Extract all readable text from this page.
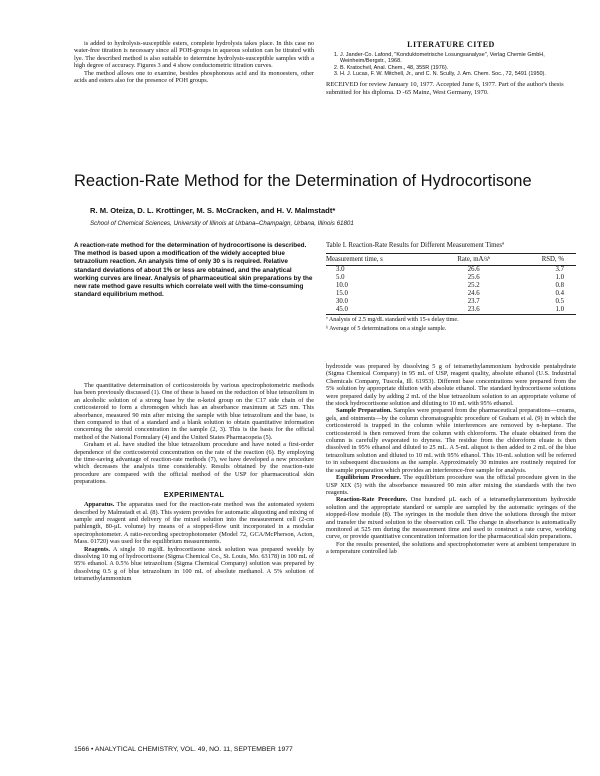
is added to hydrolysis-susceptible esters, complete hydrolysis takes place. In this case no water-free titration is necessary since all POH-groups in aqueous solution can be titrated with lye. The described method is also suitable to determine hydrolysis-susceptible samples with a high degree of accuracy. Figures 3 and 4 show conductometric titration curves.

The method allows one to examine, besides phosphonous acid and its monoesters, other acids and esters also for the presence of POH groups.

LITERATURE CITED
1. J. Jander-Co. Lafond, "Konduktometrische Losungsanalyse", Verlag Chemie GmbH, Weinheim/Bergstr., 1968.
2. B. Kratochvil, Anal. Chem., 48, 355R (1976).
3. H. J. Lucas, F. W. Mitchell, Jr., and C. N. Scully, J. Am. Chem. Soc., 72, 5491 (1950).

RECEIVED for review January 10, 1977. Accepted June 6, 1977. Part of the author's thesis submitted for his diploma. D -65 Mainz, West Germany, 1970.

Reaction-Rate Method for the Determination of Hydrocortisone
R. M. Oteiza, D. L. Krottinger, M. S. McCracken, and H. V. Malmstadt*
School of Chemical Sciences, University of Illinois at Urbana–Champaign, Urbana, Illinois 61801

A reaction-rate method for the determination of hydrocortisone is described. The method is based upon a modification of the widely accepted blue tetrazolium reaction. An analysis time of only 30 s is required. Relative standard deviations of about 1% or less are obtained, and the analytical working curves are linear. Analysis of pharmaceutical skin preparations by the new rate method gave results which correlate well with the time-consuming standard equilibrium method.

Table I. Reaction-Rate Results for Different Measurement Timesª
Measurement time, s	Rate, mA/sᵇ	RSD, %
3.0	26.6	3.7
5.0	25.6	1.0
10.0	25.2	0.8
15.0	24.6	0.4
30.0	23.7	0.5
45.0	23.6	1.0
ª Analysis of 2.5 mg/dL standard with 15-s delay time.
ᵇ Average of 5 determinations on a single sample.

The quantitative determination of corticosteroids by various spectrophotometric methods has been previously discussed (1). One of these is based on the reduction of blue tetrazolium in an alcoholic solution of a strong base by the α-ketol group on the C17 side chain of the corticosteroid to form a chromogen which has an absorbance maximum at 525 nm. This absorbance, measured 90 min after mixing the sample with blue tetrazolium and the base, is then compared to that of a standard and a blank solution to obtain quantitative information concerning the steroid concentration in the sample (2, 3). This is the basis for the official method of the National Formulary (4) and the United States Pharmacopeia (5).

Graham et al. have studied the blue tetrazolium procedure and have noted a first-order dependence of the corticosteroid concentration on the rate of the reaction (6). By employing the time-saving advantage of reaction-rate methods (7), we have developed a new procedure which decreases the analysis time considerably. Results obtained by the reaction-rate procedure are compared with the official method of the USP for pharmaceutical skin preparations.

EXPERIMENTAL

Apparatus. The apparatus used for the reaction-rate method was the automated system described by Malmstadt et al. (8). This system provides for automatic aliquoting and mixing of sample and reagent and delivery of the mixed solution into the measurement cell (2-cm pathlength, 80-µL volume) by means of a stopped-flow unit incorporated in a modular spectrophotometer. A ratio-recording spectrophotometer (Model 72, GCA/McPherson, Acton, Mass. 01720) was used for the equilibrium measurements.

Reagents. A single 10 mg/dL hydrocortisone stock solution was prepared weekly by dissolving 10 mg of hydrocortisone (Sigma Chemical Co., St. Louis, Mo. 63178) in 100 mL of 95% ethanol. A 0.5% blue tetrazolium (Sigma Chemical Company) solution was prepared by dissolving 0.5 g of blue tetrazolium in 100 mL of absolute methanol. A 5% solution of tetramethylammonium

hydroxide was prepared by dissolving 5 g of tetramethylammonium hydroxide pentahydrate (Sigma Chemical Company) in 95 mL of USP, reagent quality, absolute ethanol (U.S. Industrial Chemicals Company, Tuscola, Ill. 61953). Different base concentrations were prepared from the 5% solution by appropriate dilution with absolute ethanol. The standard hydrocortisone solutions were prepared daily by adding 2 mL of the blue tetrazolium solution to an appropriate volume of the stock hydrocortisone solution and diluting to 10 mL with 95% ethanol.

Sample Preparation. Samples were prepared from the pharmaceutical preparations—creams, gels, and ointments—by the column chromatographic procedure of Graham et al. (9) in which the corticosteroid is trapped in the column while interferences are removed by n-heptane. The corticosteroid is then removed from the column with chloroform. The eluate obtained from the column is carefully evaporated to dryness. The residue from the chloroform eluate is then dissolved in 95% ethanol and diluted to 25 mL. A 5-mL aliquot is then added to 2 mL of the blue tetrazolium solution and diluted to 10 mL with 95% ethanol. This 10-mL solution will be referred to in subsequent discussions as the sample. Approximately 30 minutes are routinely required for the sample preparation which provides an interference-free sample for analysis.

Equilibrium Procedure. The equilibrium procedure was the official procedure given in the USP XIX (5) with the absorbance measured 90 min after mixing the standards with the two reagents.

Reaction-Rate Procedure. One hundred µL each of a tetramethylammonium hydroxide solution and the appropriate standard or sample are sampled by the automatic syringes of the stopped-flow module (8). The syringes in the module then drive the solutions through the mixer and transfer the mixed solution to the observation cell. The change in absorbance is automatically monitored at 525 nm during the measurement time and used to construct a rate curve, working curve, or provide quantitative concentration information for the pharmaceutical skin preparations.

For the results presented, the solutions and spectrophotometer were at ambient temperature in a temperature controlled lab

1566 • ANALYTICAL CHEMISTRY, VOL. 49, NO. 11, SEPTEMBER 1977
